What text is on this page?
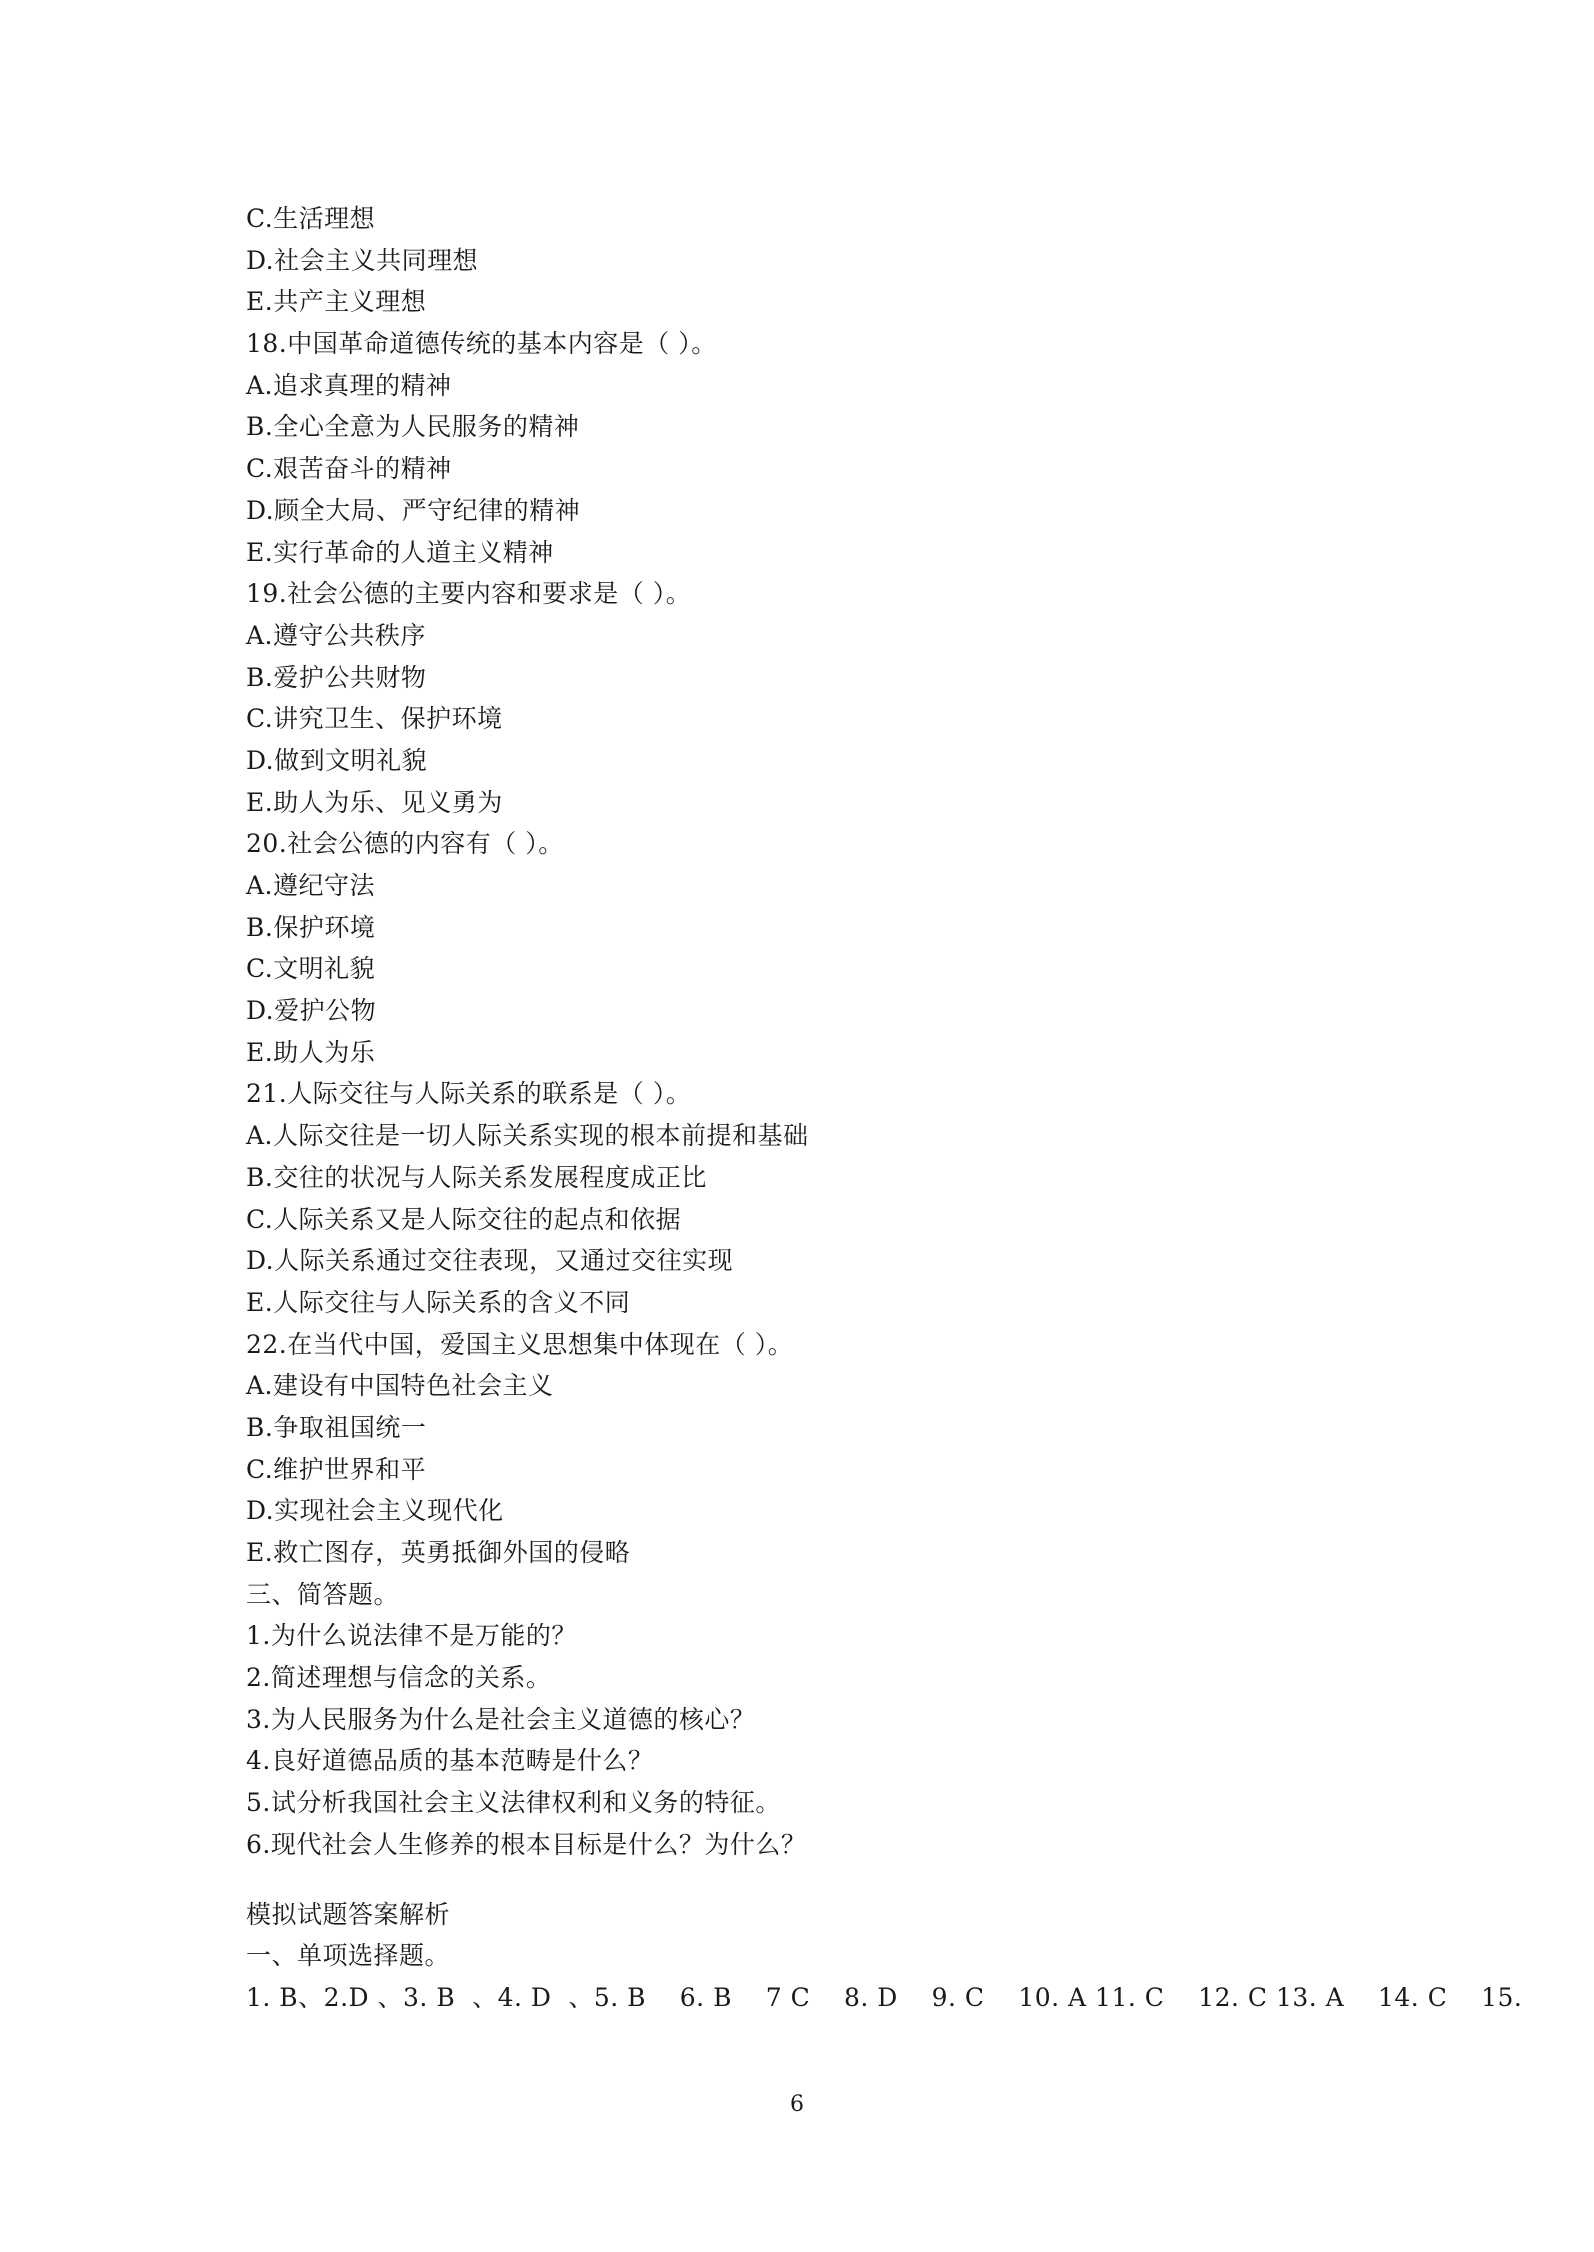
C.生活理想
D.社会主义共同理想
E.共产主义理想
18.中国革命道德传统的基本内容是（ ）。
A.追求真理的精神
B.全心全意为人民服务的精神
C.艰苦奋斗的精神
D.顾全大局、严守纪律的精神
E.实行革命的人道主义精神
19.社会公德的主要内容和要求是（ ）。
A.遵守公共秩序
B.爱护公共财物
C.讲究卫生、保护环境
D.做到文明礼貌
E.助人为乐、见义勇为
20.社会公德的内容有（ ）。
A.遵纪守法
B.保护环境
C.文明礼貌
D.爱护公物
E.助人为乐
21.人际交往与人际关系的联系是（ ）。
A.人际交往是一切人际关系实现的根本前提和基础
B.交往的状况与人际关系发展程度成正比
C.人际关系又是人际交往的起点和依据
D.人际关系通过交往表现，又通过交往实现
E.人际交往与人际关系的含义不同
22.在当代中国，爱国主义思想集中体现在（ ）。
A.建设有中国特色社会主义
B.争取祖国统一
C.维护世界和平
D.实现社会主义现代化
E.救亡图存，英勇抵御外国的侵略
三、简答题。
1.为什么说法律不是万能的？
2.简述理想与信念的关系。
3.为人民服务为什么是社会主义道德的核心？
4.良好道德品质的基本范畴是什么？
5.试分析我国社会主义法律权利和义务的特征。
6.现代社会人生修养的根本目标是什么？为什么？
模拟试题答案解析
一、单项选择题。
1. B、2.D 、3. B  、4. D  、5. B    6. B    7 C    8. D    9. C    10. A 11. C    12. C 13. A    14. C    15.
6
